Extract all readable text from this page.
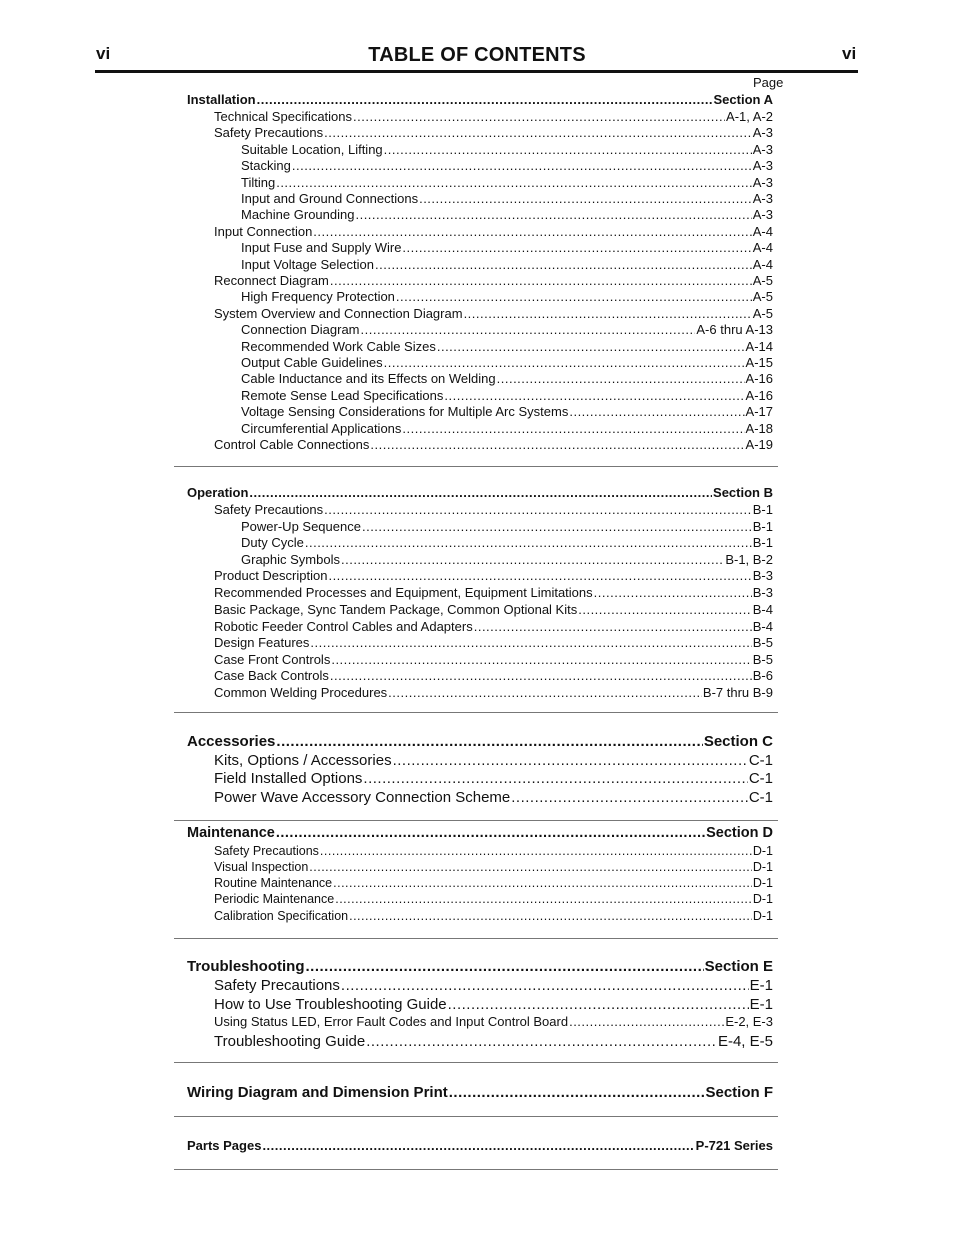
vi	TABLE OF CONTENTS	vi
Page
Installation .....	Section A
Technical Specifications .....	A-1, A-2
Safety Precautions .....	A-3
Suitable Location, Lifting .....	A-3
Stacking .....	A-3
Tilting .....	A-3
Input and Ground Connections .....	A-3
Machine Grounding .....	A-3
Input Connection .....	A-4
Input Fuse and Supply Wire .....	A-4
Input Voltage Selection .....	A-4
Reconnect Diagram .....	A-5
High Frequency Protection .....	A-5
System Overview and Connection Diagram .....	A-5
Connection Diagram .....	A-6 thru A-13
Recommended Work Cable Sizes .....	A-14
Output Cable Guidelines .....	A-15
Cable Inductance and its Effects on Welding .....	A-16
Remote Sense Lead Specifications .....	A-16
Voltage Sensing Considerations for Multiple Arc Systems .....	A-17
Circumferential Applications .....	A-18
Control Cable Connections .....	A-19
Operation .....	Section B
Safety Precautions .....	B-1
Power-Up Sequence .....	B-1
Duty Cycle .....	B-1
Graphic Symbols .....	B-1, B-2
Product Description .....	B-3
Recommended Processes and Equipment, Equipment Limitations .....	B-3
Basic Package, Sync Tandem Package, Common Optional Kits .....	B-4
Robotic Feeder Control Cables and Adapters .....	B-4
Design Features .....	B-5
Case Front Controls .....	B-5
Case Back Controls .....	B-6
Common Welding Procedures .....	B-7 thru B-9
Accessories .....	Section C
Kits, Options / Accessories .....	C-1
Field Installed Options .....	C-1
Power Wave Accessory Connection Scheme .....	C-1
Maintenance .....	Section D
Safety Precautions .....	D-1
Visual Inspection .....	D-1
Routine Maintenance .....	D-1
Periodic Maintenance .....	D-1
Calibration Specification .....	D-1
Troubleshooting .....	Section E
Safety Precautions .....	E-1
How to Use Troubleshooting Guide .....	E-1
Using Status LED, Error Fault Codes and Input Control Board .....	E-2, E-3
Troubleshooting Guide .....	E-4, E-5
Wiring Diagram and Dimension Print .....	Section F
Parts Pages .....	P-721 Series
